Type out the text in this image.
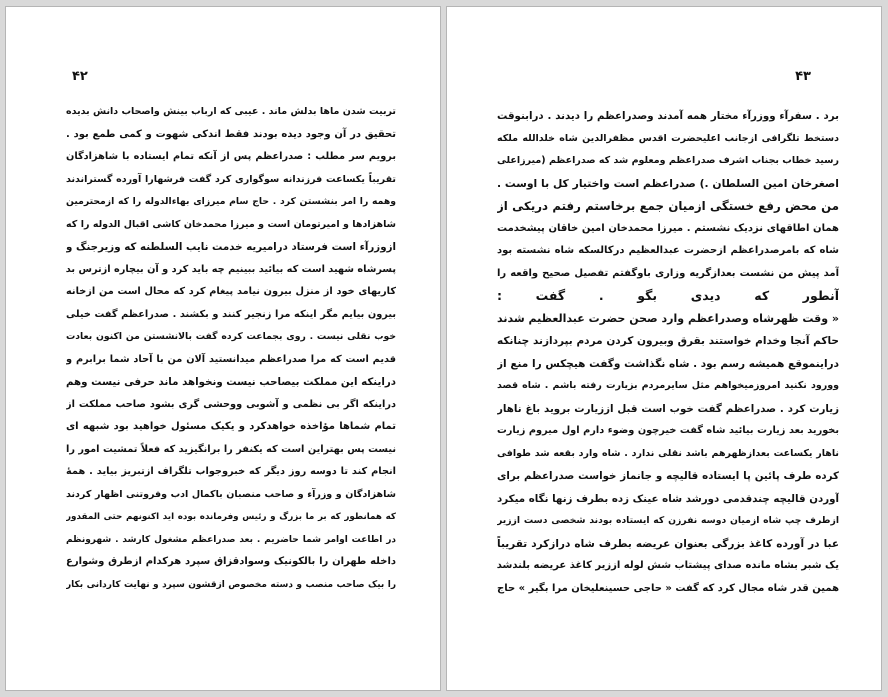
۴۲
تربیت شدن ماها بدلش ماند . عیبی که ارباب بینش واصحاب دانش بدیده
تحقیق در آن وجود دیده بودند فقط اندکی شهوت و کمی طمع بود .
برویم سر مطلب : صدراعظم پس از آنکه تمام ایستاده با شاهزادگان
تقریباً یکساعت فرزندانه سوگواری کرد گفت فرشهارا آورده گستراندند
وهمه را امر بنشستن کرد . حاج سام میرزای بهاءالدوله را که ازمحترمین
شاهزادها و امیرتومان است و میرزا محمدخان کاشی اقبال الدوله را که
ازوزرآء است فرستاد درامیریه خدمت نایب السلطنه که وزیرجنگ و
پسرشاه شهید است که بیائید ببینیم چه باید کرد و آن بیچاره ازترس بد
کاریهای خود از منزل بیرون نیامد پیغام کرد که محال است من ازخانه
بیرون بیایم مگر اینکه مرا زنجیر کنند و بکشند . صدراعظم گفت خیلی
خوب نقلی نیست . روی بجماعت کرده گفت بالانشستن من اکنون بعادت
قدیم است که مرا صدراعظم میدانستید آلان من با آحاد شما برابرم و
دراینکه این مملکت بیصاحب نیست ونخواهد ماند حرفی نیست وهم
دراینکه اگر بی نظمی و آشوبی ووحشی گری بشود صاحب مملکت از
تمام شماها مؤاخذه خواهدکرد و یکیک مسئول خواهید بود شبهه ای
نیست پس بهتراین است که یکنفر را برانگیزید که فعلاً تمشیت امور را
انجام کند تا دوسه روز دیگر که خبروجواب تلگراف ازتبریز بیاید . همهٔ
شاهزادگان و وزرآء و صاحب منصبان باکمال ادب وفروتنی اظهار کردند
که همانطور که بر ما بزرگ و رئیس وفرمانده بوده اید اکنونهم حتی المقدور
در اطاعت اوامر شما حاضریم . بعد صدراعظم مشغول کارشد . شهرونظم
داخله طهران را بالکونیک وسوادقزاق سپرد هرکدام ازطرق وشوارع
را بیک صاحب منصب و دسته مخصوص ازقشون سپرد و نهایت کاردانی بکار
۴۳
برد . سفرآء ووزرآء مختار همه آمدند وصدراعظم را دیدند . درابنوقت
دستخط تلگرافی ازجانب اعلیحضرت اقدس مظفرالدین شاه خلدالله ملکه
رسید خطاب بجناب اشرف صدراعظم ومعلوم شد که صدراعظم (میرزاعلی
اصغرخان امین السلطان .) صدراعظم است واختیار کل با اوست .
من محض رفع خستگی ازمیان جمع برخاستم رفتم دریکی از
همان اطاقهای نزدیک نشستم . میرزا محمدخان امین خاقان پیشخدمت
شاه که بامرصدراعظم ازحضرت عبدالعظیم درکالسکه شاه نشسته بود
آمد پیش من نشست بعدازگریه وزاری باوگفتم تفصیل صحیح واقعه را
آنطور که دیدی بگو . گفت :
« وقت ظهرشاه وصدراعظم وارد صحن حضرت عبدالعظیم شدند
حاکم آنجا وخدام خواستند بقرق وبیرون کردن مردم بپردازند چنانکه
دراینموقع همیشه رسم بود . شاه نگذاشت وگفت هیچکس را منع از
وورود نکنید امروزمیخواهم مثل سایرمردم بزیارت رفته باشم . شاه قصد
زیارت کرد . صدراعظم گفت خوب است قبل اززیارت بروید باغ ناهار
بخورید بعد زیارت بیائید شاه گفت خیرچون وضوء دارم اول میروم زیارت
ناهار یکساعت بعدازظهرهم باشد نقلی ندارد . شاه وارد بقعه شد طوافی
کرده طرف پائین پا ایستاده قالیچه و جانماز خواست صدراعظم برای
آوردن قالیچه چندقدمی دورشد شاه عینک زده بطرف زنها نگاه میکرد
ازطرف چپ شاه ازمیان دوسه نفرزن که ایستاده بودند شخصی دست اززیر
عبا در آورده کاغذ بزرگی بعنوان عریضه بطرف شاه درازکرد تقریباً
یک شبر بشاه مانده صدای پیشتاب شش لوله اززیر کاغذ عریضه بلندشد
همین قدر شاه مجال کرد که گفت « حاجی حسینعلیخان مرا بگیر » حاج
